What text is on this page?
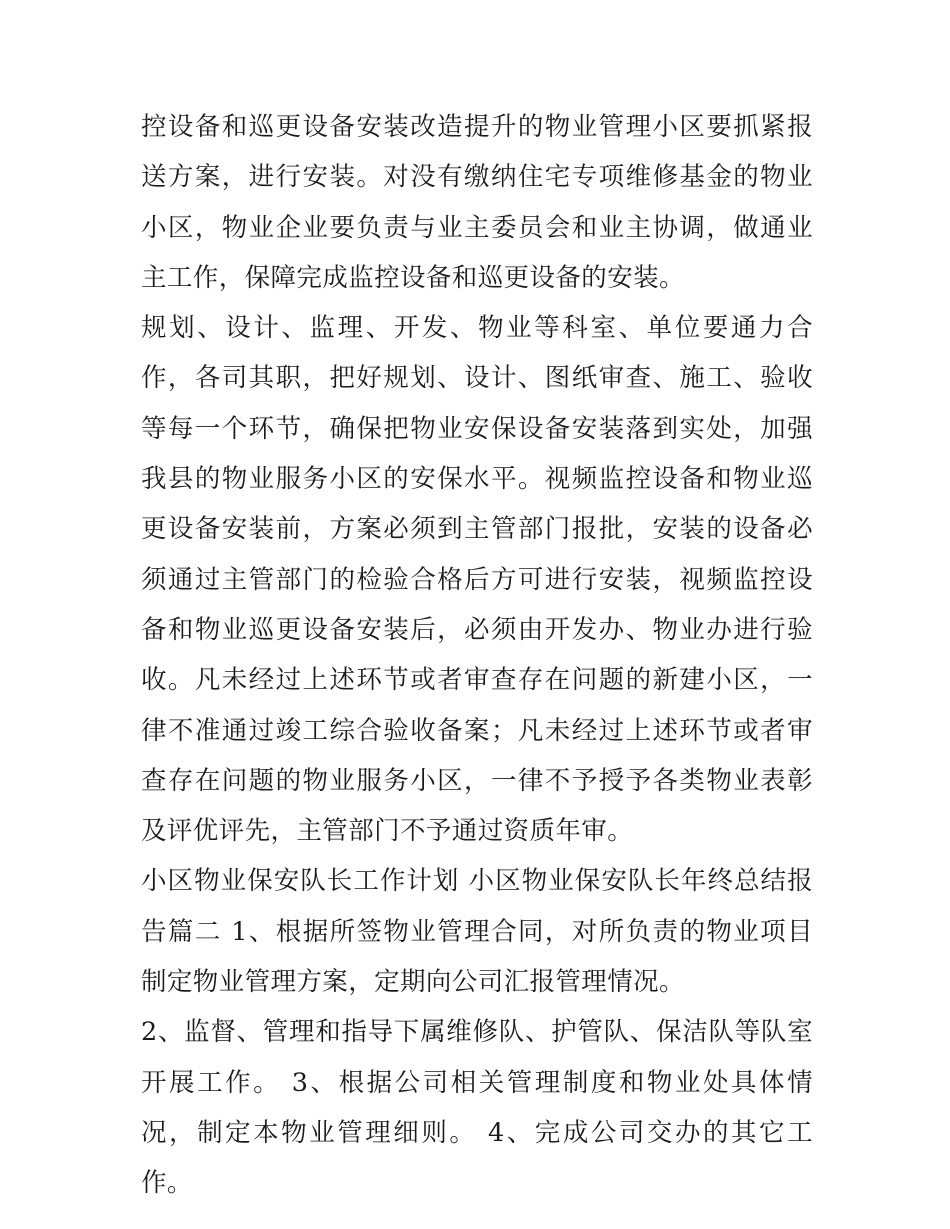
控设备和巡更设备安装改造提升的物业管理小区要抓紧报送方案，进行安装。对没有缴纳住宅专项维修基金的物业小区，物业企业要负责与业主委员会和业主协调，做通业主工作，保障完成监控设备和巡更设备的安装。

规划、设计、监理、开发、物业等科室、单位要通力合作，各司其职，把好规划、设计、图纸审查、施工、验收等每一个环节，确保把物业安保设备安装落到实处，加强我县的物业服务小区的安保水平。视频监控设备和物业巡更设备安装前，方案必须到主管部门报批，安装的设备必须通过主管部门的检验合格后方可进行安装，视频监控设备和物业巡更设备安装后，必须由开发办、物业办进行验收。凡未经过上述环节或者审查存在问题的新建小区，一律不准通过竣工综合验收备案；凡未经过上述环节或者审查存在问题的物业服务小区，一律不予授予各类物业表彰及评优评先，主管部门不予通过资质年审。

小区物业保安队长工作计划 小区物业保安队长年终总结报告篇二 1、根据所签物业管理合同，对所负责的物业项目制定物业管理方案，定期向公司汇报管理情况。

2、监督、管理和指导下属维修队、护管队、保洁队等队室开展工作。 3、根据公司相关管理制度和物业处具体情况，制定本物业管理细则。 4、完成公司交办的其它工作。
